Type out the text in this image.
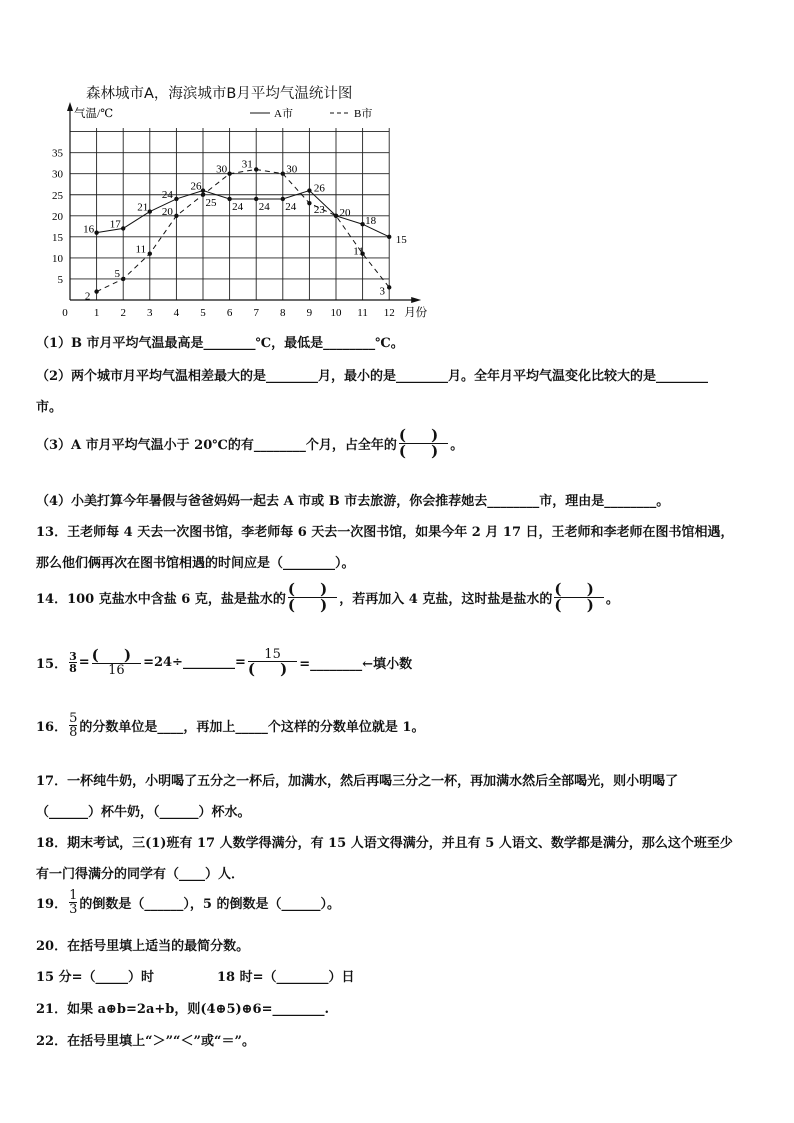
森林城市A，海滨城市B月平均气温统计图
16 17
21
24
26
24 24 24
26
20
18
15
2
5
11
20
25
30 31	30
23
11
3
气温/℃
月份
0 1 2 3 4 5 6 7 8 9 10 11 12
5
10
15
20
25
30
35
A市	B市
（1）B 市月平均气温最高是________℃，最低是________℃。
（2）两个城市月平均气温相差最大的是________月，最小的是________月。全年月平均气温变化比较大的是________
市。
（3）A 市月平均气温小于 20℃的有________个月，占全年的 $\frac{( )}{( )}$ 。
（4）小美打算今年暑假与爸爸妈妈一起去 A 市或 B 市去旅游，你会推荐她去________市，理由是________。
13．王老师每 4 天去一次图书馆，李老师每 6 天去一次图书馆，如果今年 2 月 17 日，王老师和李老师在图书馆相遇，
那么他们俩再次在图书馆相遇的时间应是（________）。
14．100 克盐水中含盐 6 克，盐是盐水的 $\frac{( )}{( )}$ ，若再加入 4 克盐，这时盐是盐水的 $\frac{( )}{( )}$ 。
15． $\frac{3}{8} = \frac{( )}{16}$ =24÷________= $\frac{15}{( )}$ =________←填小数
16． $\frac{5}{8}$ 的分数单位是____，再加上_____个这样的分数单位就是 1。
17．一杯纯牛奶，小明喝了五分之一杯后，加满水，然后再喝三分之一杯，再加满水然后全部喝光，则小明喝了
（______）杯牛奶，（______）杯水。
18．期末考试，三(1)班有 17 人数学得满分，有 15 人语文得满分，并且有 5 人语文、数学都是满分，那么这个班至少
有一门得满分的同学有（____）人．
19． $\frac{1}{3}$ 的倒数是（______），5 的倒数是（______）。
20．在括号里填上适当的最简分数。
15 分=（_____）时	18 时=（________）日
21．如果 a⊕b=2a+b，则(4⊕5)⊕6=________.
22．在括号里填上“＞”“＜”或“＝”。
